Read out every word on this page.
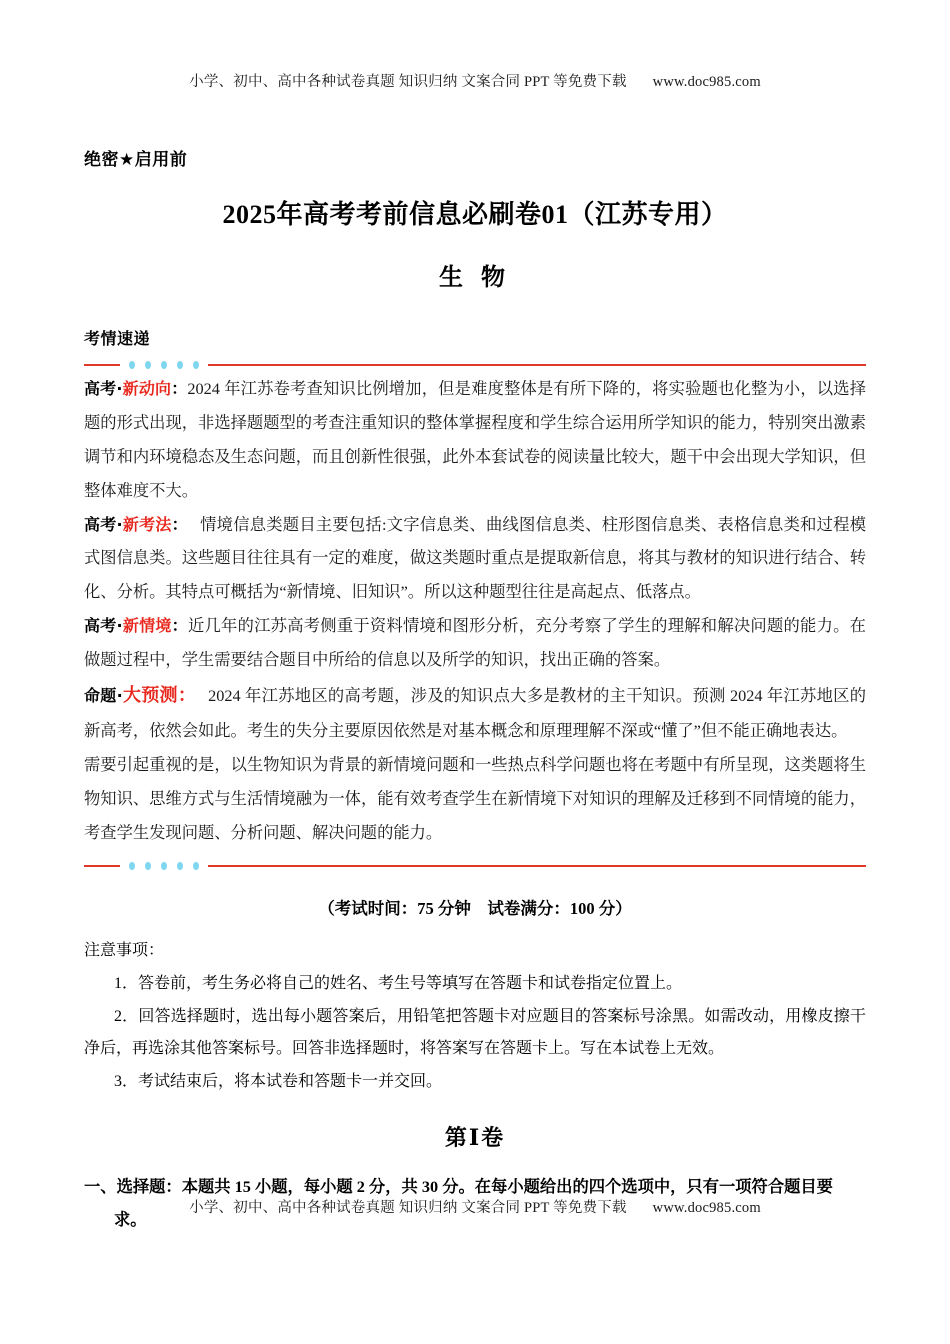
小学、初中、高中各种试卷真题 知识归纳 文案合同 PPT 等免费下载 www.doc985.com
绝密★启用前
2025年高考考前信息必刷卷01（江苏专用）
生 物
考情速递

高考·新动向：2024 年江苏卷考查知识比例增加，但是难度整体是有所下降的，将实验题也化整为小，以选择题的形式出现，非选择题题型的考查注重知识的整体掌握程度和学生综合运用所学知识的能力，特别突出激素调节和内环境稳态及生态问题，而且创新性很强，此外本套试卷的阅读量比较大，题干中会出现大学知识，但整体难度不大。

高考·新考法： 情境信息类题目主要包括:文字信息类、曲线图信息类、柱形图信息类、表格信息类和过程模式图信息类。这些题目往往具有一定的难度，做这类题时重点是提取新信息，将其与教材的知识进行结合、转化、分析。其特点可概括为“新情境、旧知识”。所以这种题型往往是高起点、低落点。

高考·新情境：近几年的江苏高考侧重于资料情境和图形分析，充分考察了学生的理解和解决问题的能力。在做题过程中，学生需要结合题目中所给的信息以及所学的知识，找出正确的答案。

命题·大预测： 2024 年江苏地区的高考题，涉及的知识点大多是教材的主干知识。预测 2024 年江苏地区的新高考，依然会如此。考生的失分主要原因依然是对基本概念和原理理解不深或“懂了”但不能正确地表达。

需要引起重视的是，以生物知识为背景的新情境问题和一些热点科学问题也将在考题中有所呈现，这类题将生物知识、思维方式与生活情境融为一体，能有效考查学生在新情境下对知识的理解及迁移到不同情境的能力，考查学生发现问题、分析问题、解决问题的能力。

（考试时间：75 分钟　试卷满分：100 分）
注意事项：
1．答卷前，考生务必将自己的姓名、考生号等填写在答题卡和试卷指定位置上。
2．回答选择题时，选出每小题答案后，用铅笔把答题卡对应题目的答案标号涂黑。如需改动，用橡皮擦干净后，再选涂其他答案标号。回答非选择题时，将答案写在答题卡上。写在本试卷上无效。
3．考试结束后，将本试卷和答题卡一并交回。
第Ⅰ卷
一、选择题：本题共 15 小题，每小题 2 分，共 30 分。在每小题给出的四个选项中，只有一项符合题目要
求。
小学、初中、高中各种试卷真题 知识归纳 文案合同 PPT 等免费下载 www.doc985.com
